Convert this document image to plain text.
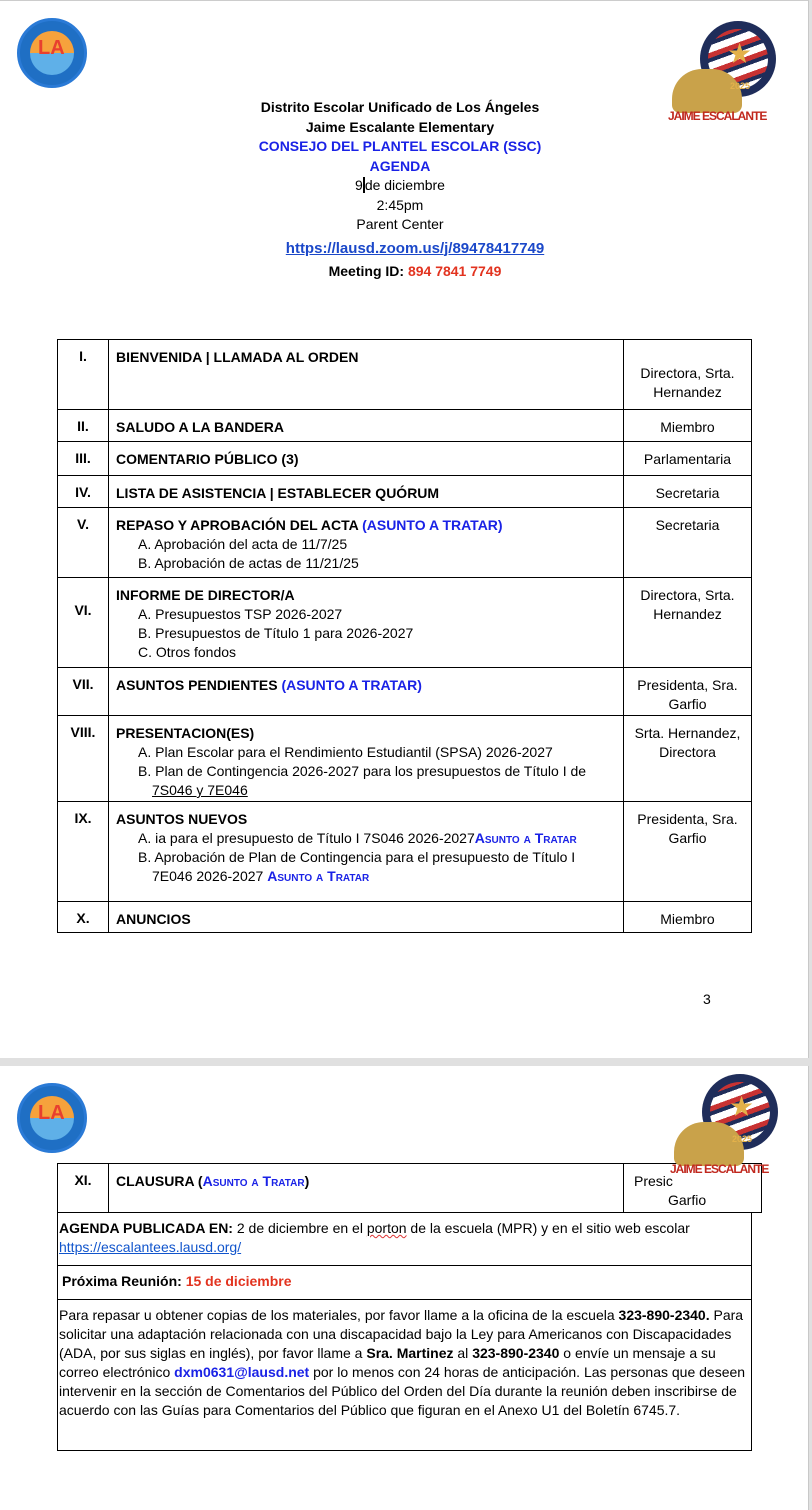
LA	★
2025
JAIME ESCALANTE
Distrito Escolar Unificado de Los Ángeles
Jaime Escalante Elementary
CONSEJO DEL PLANTEL ESCOLAR (SSC)
AGENDA
9 de diciembre
2:45pm
Parent Center
https://lausd.zoom.us/j/89478417749
Meeting ID: 894 7841 7749
I.	BIENVENIDA | LLAMADA AL ORDEN	Directora, Srta. Hernandez
II.	SALUDO A LA BANDERA	Miembro
III.	COMENTARIO PÚBLICO (3)	Parlamentaria
IV.	LISTA DE ASISTENCIA | ESTABLECER QUÓRUM	Secretaria
V.	REPASO Y APROBACIÓN DEL ACTA (ASUNTO A TRATAR)
A. Aprobación del acta de 11/7/25
B. Aprobación de actas de 11/21/25	Secretaria
VI.	INFORME DE DIRECTOR/A
A. Presupuestos TSP 2026-2027
B. Presupuestos de Título 1 para 2026-2027
C. Otros fondos	Directora, Srta. Hernandez
VII.	ASUNTOS PENDIENTES (ASUNTO A TRATAR)	Presidenta, Sra. Garfio
VIII.	PRESENTACION(ES)
A. Plan Escolar para el Rendimiento Estudiantil (SPSA) 2026-2027
B. Plan de Contingencia 2026-2027 para los presupuestos de Título I de 7S046 y 7E046	Srta. Hernandez, Directora
IX.	ASUNTOS NUEVOS
A. ia para el presupuesto de Título I 7S046 2026-2027Asunto a Tratar
B. Aprobación de Plan de Contingencia para el presupuesto de Título I 7E046 2026-2027 Asunto a Tratar	Presidenta, Sra. Garfio
X.	ANUNCIOS	Miembro
3
LA
XI.	CLAUSURA (Asunto a Tratar)	Presic
Garfio
AGENDA PUBLICADA EN: 2 de diciembre en el porton de la escuela (MPR) y en el sitio web escolar
https://escalantees.lausd.org/
Próxima Reunión: 15 de diciembre
Para repasar u obtener copias de los materiales, por favor llame a la oficina de la escuela 323-890-2340. Para solicitar una adaptación relacionada con una discapacidad bajo la Ley para Americanos con Discapacidades (ADA, por sus siglas en inglés), por favor llame a Sra. Martinez al 323-890-2340 o envíe un mensaje a su correo electrónico dxm0631@lausd.net por lo menos con 24 horas de anticipación. Las personas que deseen intervenir en la sección de Comentarios del Público del Orden del Día durante la reunión deben inscribirse de acuerdo con las Guías para Comentarios del Público que figuran en el Anexo U1 del Boletín 6745.7.
★
2025
JAIME ESCALANTE
